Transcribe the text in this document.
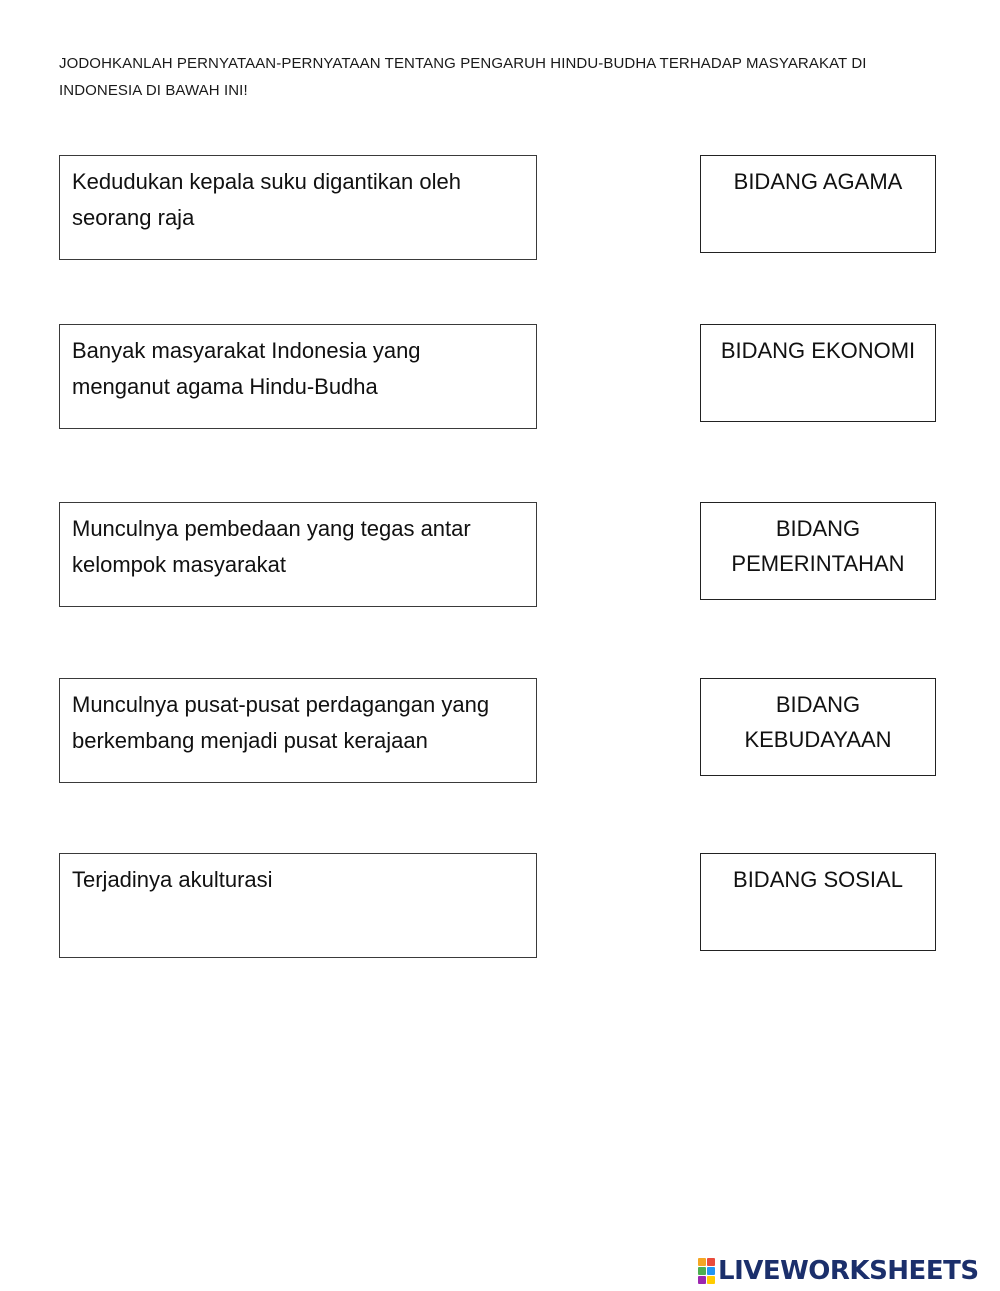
JODOHKANLAH PERNYATAAN-PERNYATAAN TENTANG PENGARUH HINDU-BUDHA TERHADAP MASYARAKAT DI INDONESIA DI BAWAH INI!
Kedudukan kepala suku digantikan oleh seorang raja
Banyak masyarakat Indonesia yang menganut agama Hindu-Budha
Munculnya pembedaan yang tegas antar kelompok masyarakat
Munculnya pusat-pusat perdagangan yang berkembang menjadi pusat kerajaan
Terjadinya akulturasi
BIDANG AGAMA
BIDANG EKONOMI
BIDANG
PEMERINTAHAN
BIDANG
KEBUDAYAAN
BIDANG SOSIAL
LIVEWORKSHEETS
